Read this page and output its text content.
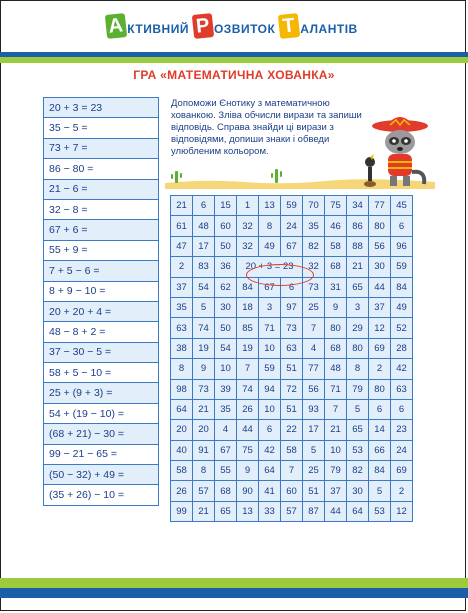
А КТИВНИЙ Р ОЗВИТОК Т АЛАНТІВ
ГРА «МАТЕМАТИЧНА ХОВАНКА»
20 + 3 = 23
35 − 5 =
73 + 7 =
86 − 80 =
21 − 6 =
32 − 8 =
67 + 6 =
55 + 9 =
7 + 5 − 6 =
8 + 9 − 10 =
20 + 20 + 4 =
48 − 8 + 2 =
37 − 30 − 5 =
58 + 5 − 10 =
25 + (9 + 3) =
54 + (19 − 10) =
(68 + 21) − 30 =
99 − 21 − 65 =
(50 − 32) + 49 =
(35 + 26) − 10 =
Допоможи Єнотику з математичною хованкою. Зліва обчисли вирази та запиши відповідь. Справа знайди ці вирази з відповідями, допиши знаки і обведи улюбленим кольором.
21	6	15	1	13	59	70	75	34	77	45
61	48	60	32	8	24	35	46	86	80	6
47	17	50	32	49	67	82	58	88	56	96
2	83	36	20 + 3 = 23			32	68	21	30	59
37	54	62	84	67	6	73	31	65	44	84
35	5	30	18	3	97	25	9	3	37	49
63	74	50	85	71	73	7	80	29	12	52
38	19	54	19	10	63	4	68	80	69	28
8	9	10	7	59	51	77	48	8	2	42
98	73	39	74	94	72	56	71	79	80	63
64	21	35	26	10	51	93	7	5	6	6
20	20	4	44	6	22	17	21	65	14	23
40	91	67	75	42	58	5	10	53	66	24
58	8	55	9	64	7	25	79	82	84	69
26	57	68	90	41	60	51	37	30	5	2
99	21	65	13	33	57	87	44	64	53	12
